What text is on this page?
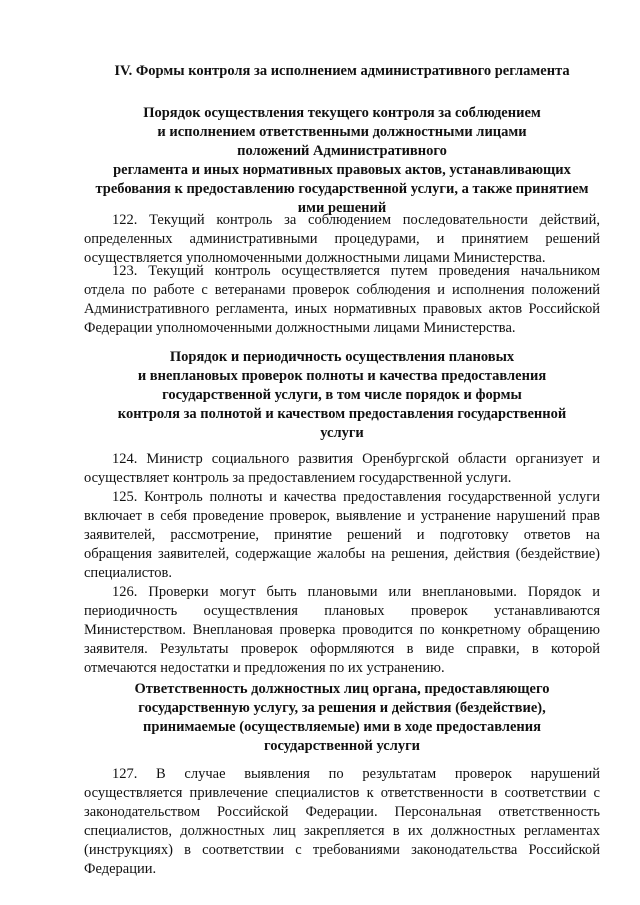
IV. Формы контроля за исполнением административного регламента
Порядок осуществления текущего контроля за соблюдением
и исполнением ответственными должностными лицами
положений Административного
регламента и иных нормативных правовых актов, устанавливающих
требования к предоставлению государственной услуги, а также принятием
ими решений
122. Текущий контроль за соблюдением последовательности действий,
определенных административными процедурами, и принятием решений
осуществляется уполномоченными должностными лицами Министерства.
123. Текущий контроль осуществляется путем проведения начальником
отдела по работе с ветеранами проверок соблюдения и исполнения положений
Административного регламента, иных нормативных правовых актов Российской
Федерации уполномоченными должностными лицами Министерства.
Порядок и периодичность осуществления плановых
и внеплановых проверок полноты и качества предоставления
государственной услуги, в том числе порядок и формы
контроля за полнотой и качеством предоставления государственной
услуги
124. Министр социального развития Оренбургской области организует и
осуществляет контроль за предоставлением государственной услуги.
125. Контроль полноты и качества предоставления государственной услуги
включает в себя проведение проверок, выявление и устранение нарушений прав
заявителей, рассмотрение, принятие решений и подготовку ответов на
обращения заявителей, содержащие жалобы на решения, действия (бездействие)
специалистов.
126. Проверки могут быть плановыми или внеплановыми. Порядок и
периодичность осуществления плановых проверок устанавливаются
Министерством. Внеплановая проверка проводится по конкретному обращению
заявителя. Результаты проверок оформляются в виде справки, в которой
отмечаются недостатки и предложения по их устранению.
Ответственность должностных лиц органа, предоставляющего
государственную услугу, за решения и действия (бездействие),
принимаемые (осуществляемые) ими в ходе предоставления
государственной услуги
127. В случае выявления по результатам проверок нарушений
осуществляется привлечение специалистов к ответственности в соответствии с
законодательством Российской Федерации. Персональная ответственность
специалистов, должностных лиц закрепляется в их должностных регламентах
(инструкциях) в соответствии с требованиями законодательства Российской
Федерации.
